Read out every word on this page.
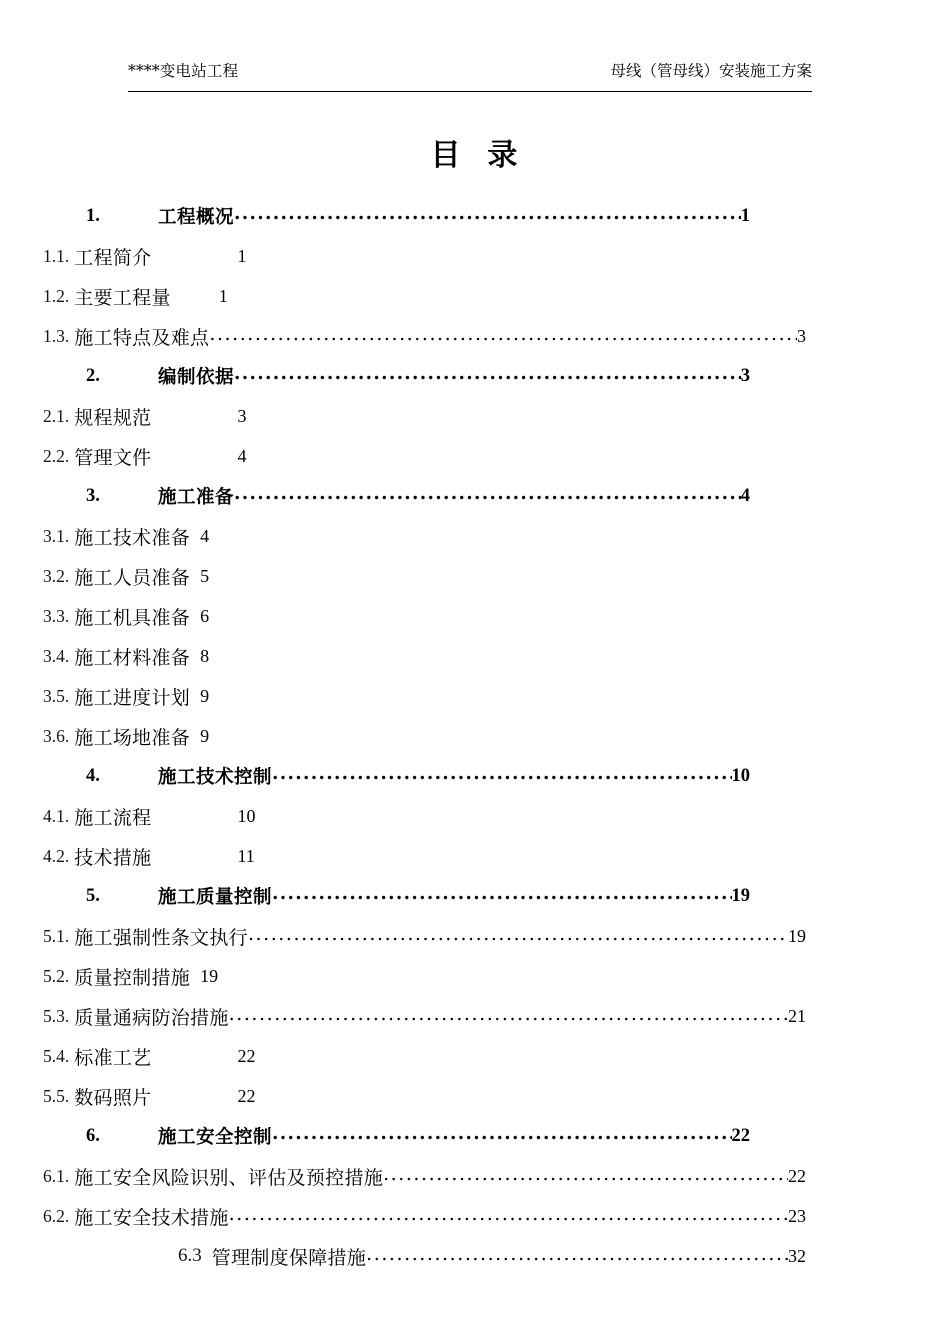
****变电站工程	母线（管母线）安装施工方案
目  录
1.	工程概况 .....	1
1.1. 工程简介	1
1.2. 主要工程量	1
1.3. 施工特点及难点 .....	3
2.	编制依据 .....	3
2.1. 规程规范	3
2.2. 管理文件	4
3.	施工准备 .....	4
3.1. 施工技术准备 4
3.2. 施工人员准备 5
3.3. 施工机具准备 6
3.4. 施工材料准备 8
3.5. 施工进度计划 9
3.6. 施工场地准备 9
4.	施工技术控制 .....	10
4.1. 施工流程	10
4.2. 技术措施	11
5.	施工质量控制 .....	19
5.1. 施工强制性条文执行 .....	19
5.2. 质量控制措施 19
5.3. 质量通病防治措施 .....	21
5.4. 标准工艺	22
5.5. 数码照片	22
6.	施工安全控制 .....	22
6.1. 施工安全风险识别、评估及预控措施 .....	22
6.2. 施工安全技术措施 .....	23
6.3 管理制度保障措施 .....	32
